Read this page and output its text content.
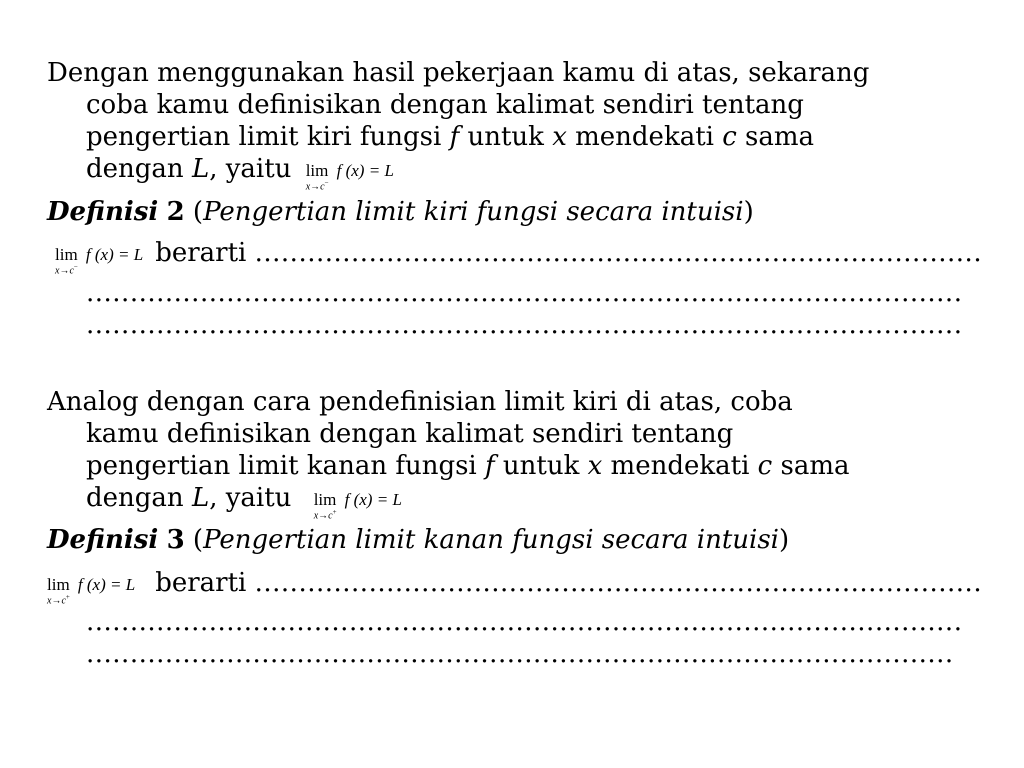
Dengan menggunakan hasil pekerjaan kamu di atas, sekarang
coba kamu definisikan dengan kalimat sendiri tentang
pengertian limit kiri fungsi f untuk x mendekati c sama
dengan L, yaitu lim
x→c−
f (x) = L
Definisi 2 (Pengertian limit kiri fungsi secara intuisi)
lim
x→c−
f (x) = L berarti ...................................................................................
....................................................................................................
....................................................................................................
Analog dengan cara pendefinisian limit kiri di atas, coba
kamu definisikan dengan kalimat sendiri tentang
pengertian limit kanan fungsi f untuk x mendekati c sama
dengan L, yaitu lim
x→c+
f (x) = L
Definisi 3 (Pengertian limit kanan fungsi secara intuisi)
lim
x→c+
f (x) = L berarti ...................................................................................
....................................................................................................
...................................................................................................
